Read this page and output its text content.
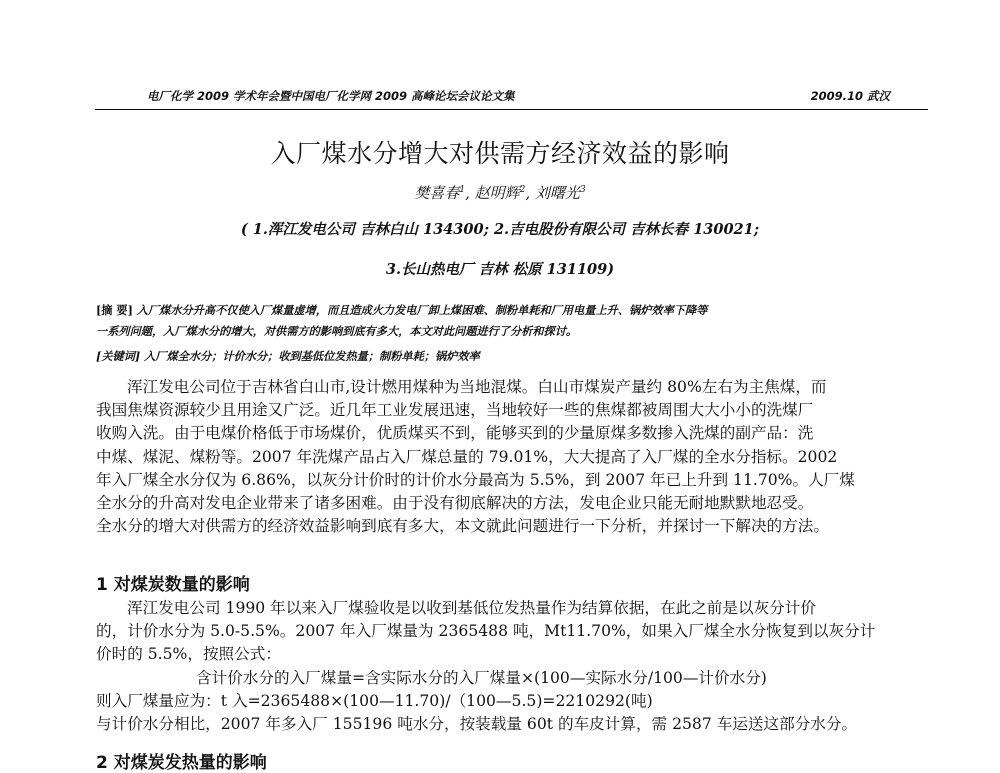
电厂化学 2009 学术年会暨中国电厂化学网 2009 高峰论坛会议论文集	2009.10 武汉
入厂煤水分增大对供需方经济效益的影响
樊喜春$^1$, 赵明辉$^2$, 刘曙光$^3$
( 1.浑江发电公司 吉林白山 134300; 2.吉电股份有限公司 吉林长春 130021;
3.长山热电厂 吉林 松原 131109)
[摘 要] 入厂煤水分升高不仅使入厂煤量虚增，而且造成火力发电厂卸上煤困难、制粉单耗和厂用电量上升、锅炉效率下降等
一系列问题，入厂煤水分的增大，对供需方的影响到底有多大，本文对此问题进行了分析和探讨。
[关键词] 入厂煤全水分；计价水分；收到基低位发热量；制粉单耗；锅炉效率
浑江发电公司位于吉林省白山市,设计燃用煤种为当地混煤。白山市煤炭产量约 80%左右为主焦煤，而
我国焦煤资源较少且用途又广泛。近几年工业发展迅速，当地较好一些的焦煤都被周围大大小小的洗煤厂
收购入洗。由于电煤价格低于市场煤价，优质煤买不到，能够买到的少量原煤多数掺入洗煤的副产品：洗
中煤、煤泥、煤粉等。2007 年洗煤产品占入厂煤总量的 79.01%，大大提高了入厂煤的全水分指标。2002
年入厂煤全水分仅为 6.86%，以灰分计价时的计价水分最高为 5.5%，到 2007 年已上升到 11.70%。人厂煤
全水分的升高对发电企业带来了诸多困难。由于没有彻底解决的方法，发电企业只能无耐地默默地忍受。
全水分的增大对供需方的经济效益影响到底有多大，本文就此问题进行一下分析，并探讨一下解决的方法。
1 对煤炭数量的影响
浑江发电公司 1990 年以来入厂煤验收是以收到基低位发热量作为结算依据，在此之前是以灰分计价
的，计价水分为 5.0-5.5%。2007 年入厂煤量为 2365488 吨，Mt11.70%，如果入厂煤全水分恢复到以灰分计
价时的 5.5%，按照公式：
含计价水分的入厂煤量=含实际水分的入厂煤量×(100—实际水分/100—计价水分)
则入厂煤量应为：t 入=2365488×(100—11.70)/（100—5.5)=2210292(吨)
与计价水分相比，2007 年多入厂 155196 吨水分，按装载量 60t 的车皮计算，需 2587 车运送这部分水分。
2 对煤炭发热量的影响
